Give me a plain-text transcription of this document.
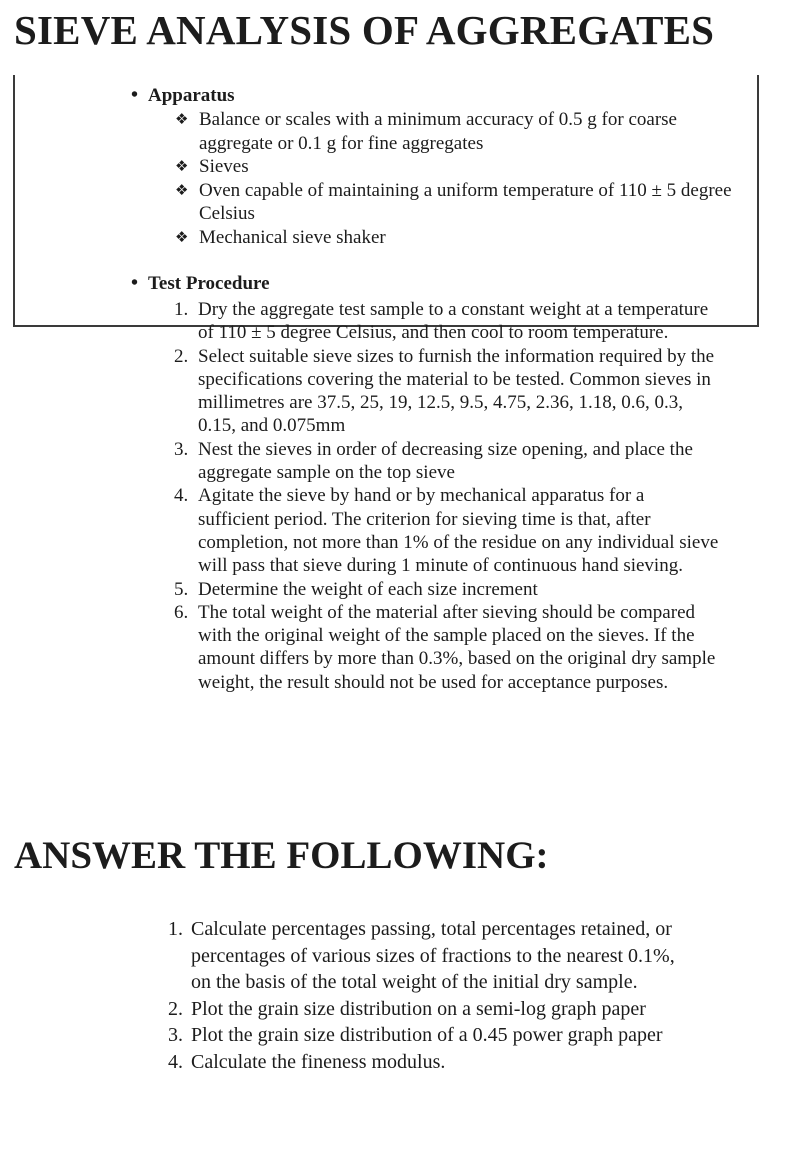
SIEVE ANALYSIS OF AGGREGATES
• Apparatus
❖ Balance or scales with a minimum accuracy of 0.5 g for coarse aggregate or 0.1 g for fine aggregates
❖ Sieves
❖ Oven capable of maintaining a uniform temperature of 110 ± 5 degree Celsius
❖ Mechanical sieve shaker
• Test Procedure
1. Dry the aggregate test sample to a constant weight at a temperature of 110 ± 5 degree Celsius, and then cool to room temperature.
2. Select suitable sieve sizes to furnish the information required by the specifications covering the material to be tested. Common sieves in millimetres are 37.5, 25, 19, 12.5, 9.5, 4.75, 2.36, 1.18, 0.6, 0.3, 0.15, and 0.075mm
3. Nest the sieves in order of decreasing size opening, and place the aggregate sample on the top sieve
4. Agitate the sieve by hand or by mechanical apparatus for a sufficient period. The criterion for sieving time is that, after completion, not more than 1% of the residue on any individual sieve will pass that sieve during 1 minute of continuous hand sieving.
5. Determine the weight of each size increment
6. The total weight of the material after sieving should be compared with the original weight of the sample placed on the sieves. If the amount differs by more than 0.3%, based on the original dry sample weight, the result should not be used for acceptance purposes.
ANSWER THE FOLLOWING:
1. Calculate percentages passing, total percentages retained, or percentages of various sizes of fractions to the nearest 0.1%, on the basis of the total weight of the initial dry sample.
2. Plot the grain size distribution on a semi-log graph paper
3. Plot the grain size distribution of a 0.45 power graph paper
4. Calculate the fineness modulus.
